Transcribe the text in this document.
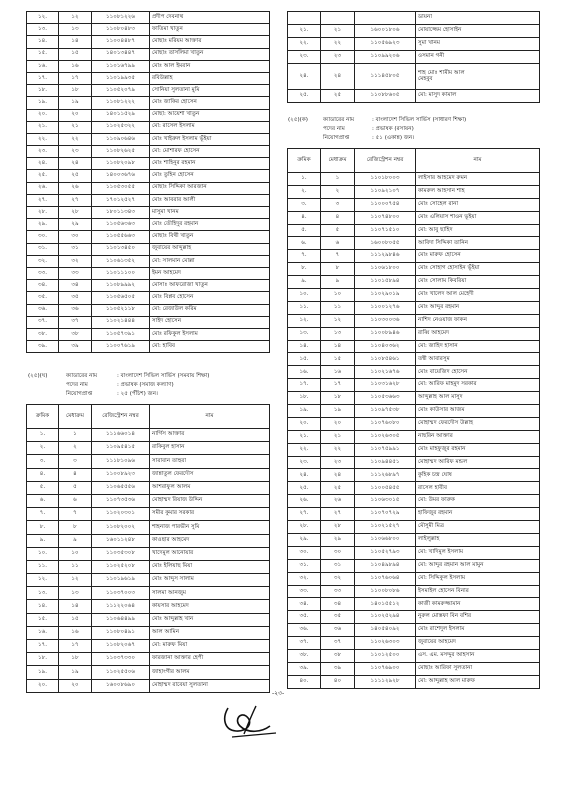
১২.	১২	১১০৮১২২৬	প্রদীপ দেবনাথ
১৩.	১৩	১১০৮০৪৮৩	ফাতিমা খাতুন
১৪.	১৪	১১০০৪৪৮৭	মোছাঃ মরিয়ম আক্তার
১৫.	১৫	১৪০১৩৪৪৭	মোছাঃ তাসলিমা খাতুন
১৬.	১৬	১১০১৬৭৯৯	মোঃ আল ইমরান
১৭.	১৭	১১০১৯৯৩৫	রবিউল্লাহ
১৮.	১৮	১১০৫২০৭৯	সোনিয়া সুলতানা মুমি
১৯.	১৯	১১০৮১২২২	মোঃ জাকির হোসেন
২০.	২০	১৪০১১৫২৯	মোছা: আয়েশা খাতুন
২১.	২১	১১০২৫৩২২	মো: রাসেল ইসলাম
২২.	২২	১১০৯০৬৪৬	মোঃ খাইরুল ইসলাম ভূঁইয়া
২৩.	২৩	১১০৮২৬২৫	মো: মোশারফ হোসেন
২৪.	২৪	১১০৮২০৯৮	মোঃ শাহিনুর রহমান
২৫.	২৫	১৪০০৩৬৭৬	মোঃ তুহিন হোসেন
২৬.	২৬	১১০৫৩০৫৫	মোছাঃ সিদ্দিকা আরজান
২৭.	২৭	১৭০১২৫২৭	মোঃ আবরার আলী
২৮.	২৮	১৮০১১৩৪৩	মাসুমা খানম
২৯.	২৯	১১০৫৬৩৬৩	মোঃ তৌহিদুর রহমান
৩০.	৩০	১১০৫৫৬৬৩	মোছাঃ বিথী খাতুন
৩১.	৩১	১১০১৩৪৫০	জুবায়ের আব্দুল্লাহ
৩২.	৩২	১১০৬১৩৫২	মো: সালমান মোল্লা
৩৩.	৩৩	১১০১১১০০	ইমন আহমেদ
৩৪.	৩৪	১১০৮৯৯৯২	মোসাঃ আফরোজা খাতুন
৩৫.	৩৫	১১০৫৬৫০৫	মোঃ বিপ্লব হোসেন
৩৬.	৩৬	১১০৫২১১৮	মো: রেজাউল করিম
৩৭.	৩৭	১১০২১৪৪৪	সাইদ হোসেন
৩৮.	৩৮	১১০৫৭৩৯১	মোঃ রফিকুল ইসলাম
৩৯.	৩৯	১১০০৭৬১৯	মো: হাবিব
(২৫)(ঘ)	ক্যাডারের নাম	: বাংলাদেশ সিভিল সার্ভিস (সমবায় শিক্ষা)
পদের নাম	: প্রভাষক (সমাজ কল্যাণ)
নিয়োগপ্রাপ্ত	: ২৫ (পঁচিশ) জন।
ক্রমিক	মেধাক্রম	রেজিস্ট্রেশন নম্বর	নাম
১.	১	১১১৬৬০১৪	নার্গিস আক্তার
২.	২	১১০৯৫৪১৫	রাকিবুল হাসান
৩.	৩	১১১৮১০৯৬	সারাবান তাহুরা
৪.	৪	১১০০৮৯২৩	জান্নাতুল ফেরদৌস
৫.	৫	১১০৬৫৫৫৬	আশরাফুল আলম
৬.	৬	১১০৭৩৫৩৬	মোহাম্মদ রিয়াজ উদ্দিন
৭.	৭	১১০২০৩০১	সমীর কুমার সরকার
৮.	৮	১১০৮২০০২	শাহনাজ পারভীন সুমি
৯.	৯	১৬০১১২৪৮	কাওছার আহমেদ
১০.	১০	১১০৩৫৩০৮	খাদেমুল আনোয়ার
১১.	১১	১১০২৫২০৮	মোঃ ইলিয়াছ মিয়া
১২.	১২	১১০১৯৬১৯	মোঃ আব্দুস সালাম
১৩.	১৩	১১০৩৭০০৩	সালমা আনজুম
১৪.	১৪	১১১২২০৬৪	কায়সার আহমেদ
১৫.	১৫	১১০৬৪৪৯৯	মোঃ আব্দুল্লাহ খান
১৬.	১৬	১১০৮০৪৯১	আল আমিন
১৭.	১৭	১১০৮২০৬৭	মো: মারুফ মিয়া
১৮.	১৮	১১০৩৭৩৩০	ফারজানা আক্তার হেপী
১৯.	১৯	১১০২৫৫০৬	জাহাংগীর আলম
২০.	২০	১৬০০৮৬৯০	মোহাম্মদ রাবেয়া সুলতানা
			ডায়না
২১.	২১	১৬০০১৮০৬	মোয়াজ্জেম হোসাইন
২২.	২২	১১০৫৬৯২৩	সুমা খানম
২৩.	২৩	১১০৯৯২০৬	ওসমান গনী
২৪.	২৪	১১১৪৫৮০৫	শাহ মোঃ শামীম আল
মেহবুব
২৫.	২৫	১১০৮৮৬০৫	মো: মাসুদ কামাল
(২৫)(ক)	ক্যাডারের নাম	: বাংলাদেশ সিভিল সার্ভিস (সাধারণ শিক্ষা)
পদের নাম	: প্রভাষক (রসায়ন)
নিয়োগপ্রাপ্ত	: ৫১ (একান্ন) জন।
ক্রমিক	মেধাক্রম	রেজিস্ট্রেশন নম্বর	নাম
১.	১	১১০১৮০০৩	লাইসার আহমেদ রুমন
২.	২	১১০৯২১০৭	কামরুল আহসান শাহ
৩.	৩	১১০০০৭৫৪	মোঃ সোহেল রানা
৪.	৪	১১০৭৪৮০০	মোঃ এলিয়াস শাওন ভূইয়া
৫.	৫	১১০৭১৫১০	মো: আবু ছাহিদ
৬.	৬	১৬০০৮০৫৫	আবিদা সিদ্দিকা তানিন
৭.	৭	১১১২৯৮৪৬	মোঃ মারুফ হোসেন
৮.	৮	১১০৬১৮০০	মোঃ সোহাগ হোসাইন ভূঁইয়া
৯.	৯	১১০১৫৮৯৪	মোঃ সোলাম কিবরিয়া
১০.	১০	১১০২৯০১৯	মোঃ খালেদ আল মেহেদী
১১.	১১	১১০০১২৭৬	মোঃ আব্দুর রহমান
১২.	১২	১১০৩০০৩৬	নাশিদ নেওয়াজ ফাকন
১৩.	১৩	১১০০৮৯৪৬	রাব্বি আহমেদ
১৪.	১৪	১১০৪০৩৬২	মো: জাহিদ হাসান
১৫.	১৫	১১০৮৫৪৬১	তন্বী আবারসুম
১৬.	১৬	১১০২১৬৭৬	মোঃ বায়েজিদ হোসেন
১৭.	১৭	১১০৩১৬২৮	মো: আরিফ মাহমুদ সরকার
১৮.	১৮	১১০৫৩৬৬৩	আব্দুল্লাহ আল মাসুদ
১৯.	১৯	১১০৯৭৫৩৮	মোঃ কাউসার আজম
২০.	২০	১১০৭৬০৮০	মোহাম্মদ ফেরদৌস উল্লাহ
২১.	২১	১১০২৬৩০৫	নাছরিন আক্তার
২২.	২২	১১০৭৫৯৯১	মোঃ মাহফুজুর রহমান
২৩.	২৩	১১০৯৪৪৫১	মোহাম্মদ আরিফ মন্ডল
২৪.	২৪	১১১২৬৮৯৭	কুহিক চন্দ্র ঘোষ
২৫.	২৫	১১০০৫৪৫৫	রাসেল হাবীব
২৬.	২৬	১১০৬৩০১৫	মো: উমর ফারুক
২৭.	২৭	১১০৭০৭২৯	হাফিজুর রহমান
২৮.	২৮	১১০২১৫২৭	মৌসুমী মিত্র
২৯.	২৯	১১০৬৬৮০০	লাইলুল্লাহ
৩০.	৩০	১১০৫২৭৯৩	মো: খাদিমুল ইসলাম
৩১.	৩১	১১০৪৯৮৯৪	মো: আব্দুর রহমান আল মামুন
৩২.	৩২	১১০৭৬০৬৪	মো: সিদ্দিকুল ইসলাম
৩৩.	৩৩	১১০০৮০৮৬	ইসমাইল হোসেন বিনার
৩৪.	৩৪	১৪০১৫৫১২	কাজী কামরুজ্জামান
৩৫.	৩৫	১১০২৫২৯৪	নুরুল মোস্তফা বিন বশির
৩৬.	৩৬	১৪০৫৪০৯২	মোঃ রাশেদুল ইসলাম
৩৭.	৩৭	১১০২৬৩০৩	জুবায়ের আহমেদ
৩৮.	৩৮	১১০১২৫০০	এস. এম. মসদ্দুর আহসান
৩৯.	৩৯	১১০৭৬৯০০	মোছাঃ আরিফা সুলতানা
৪০.	৪০	১১১১২৯২৮	মো: আব্দুল্লাহ আল মারুফ
-২৩-
